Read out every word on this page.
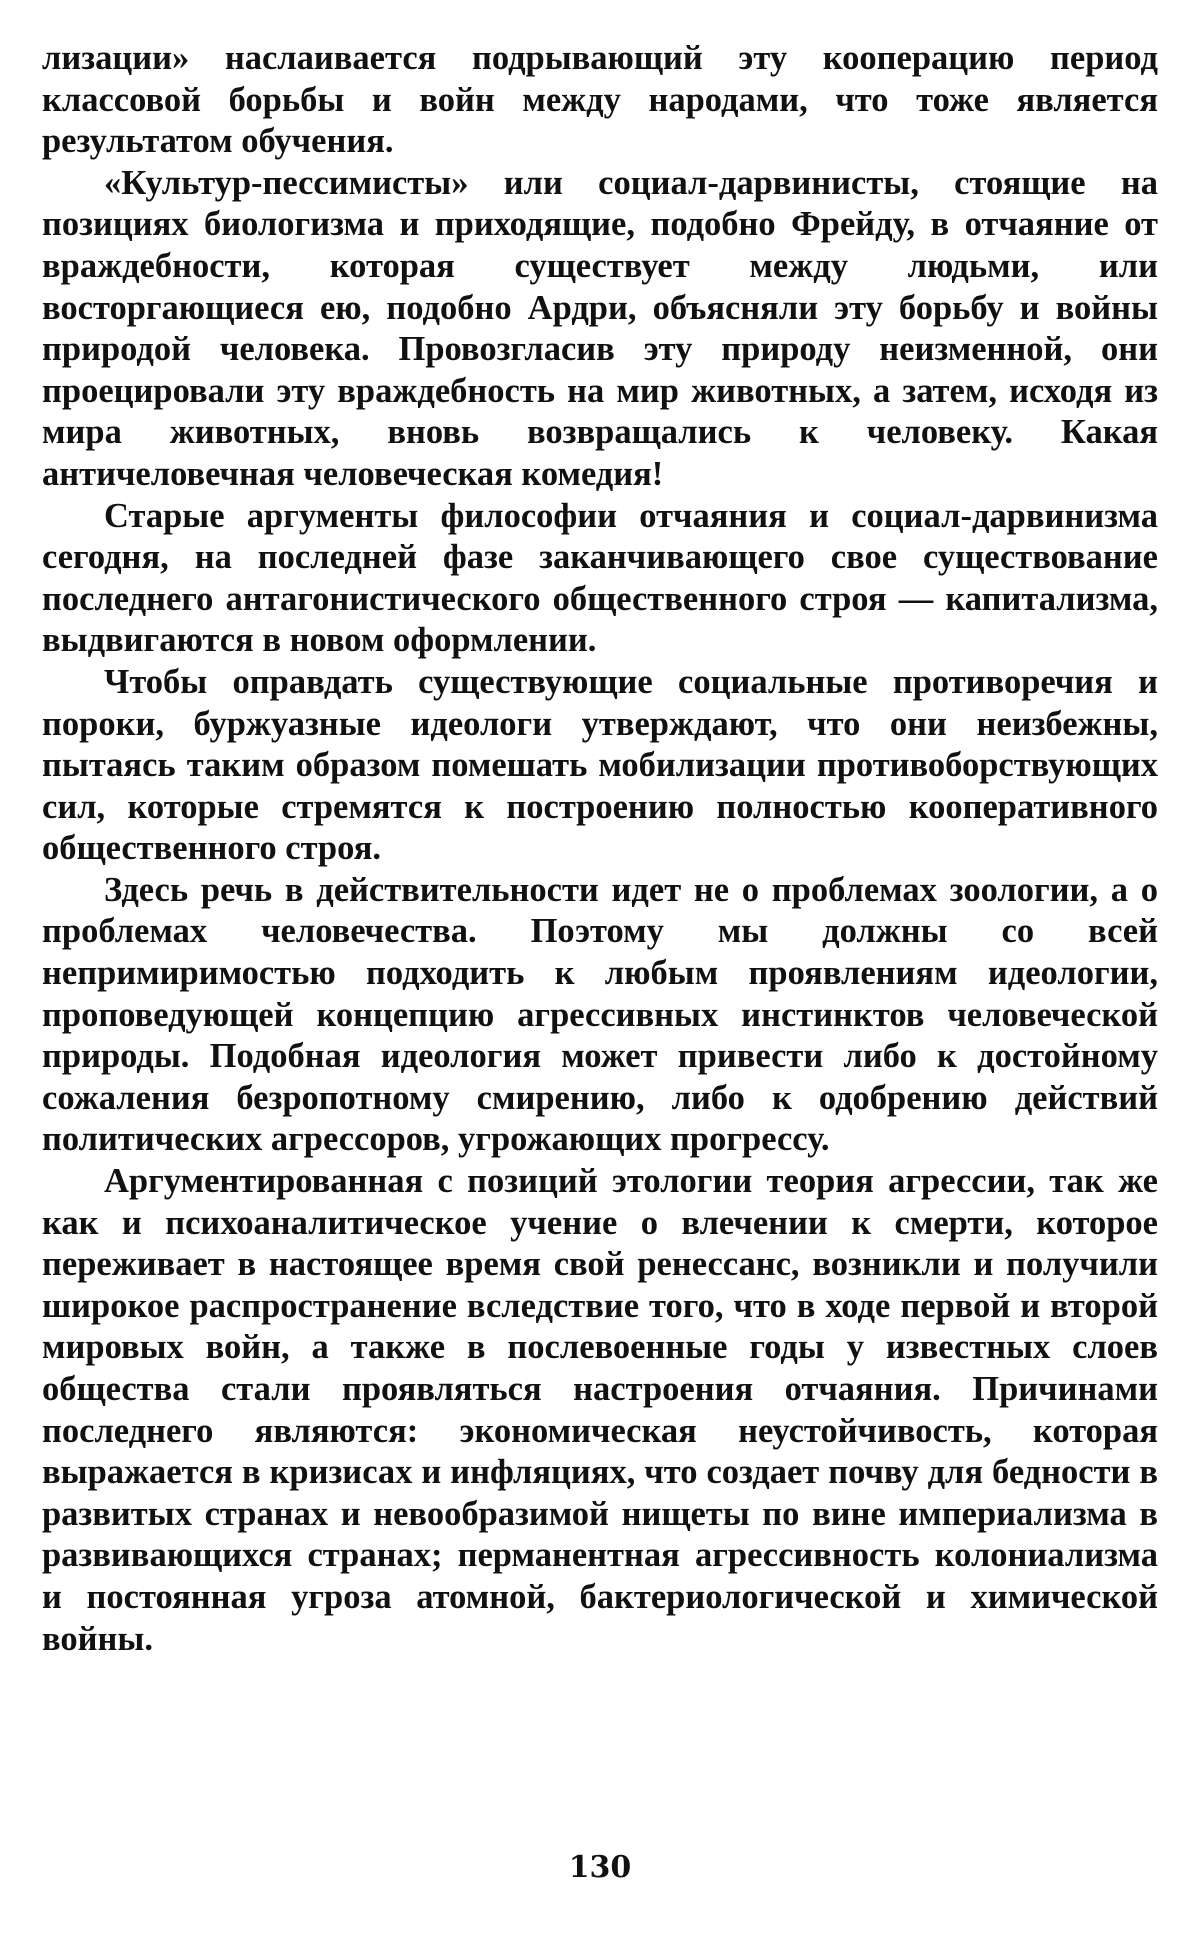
лизации» наслаивается подрывающий эту кооперацию период классовой борьбы и войн между народами, что тоже является результатом обучения.

«Культур-пессимисты» или социал-дарвинисты, стоящие на позициях биологизма и приходящие, подобно Фрейду, в отчаяние от враждебности, которая существует между людьми, или восторгающиеся ею, подобно Ардри, объясняли эту борьбу и войны природой человека. Провозгласив эту природу неизменной, они проецировали эту враждебность на мир животных, а затем, исходя из мира животных, вновь возвращались к человеку. Какая античеловечная человеческая комедия!

Старые аргументы философии отчаяния и социал-дарвинизма сегодня, на последней фазе заканчивающего свое существование последнего антагонистического общественного строя — капитализма, выдвигаются в новом оформлении.

Чтобы оправдать существующие социальные противоречия и пороки, буржуазные идеологи утверждают, что они неизбежны, пытаясь таким образом помешать мобилизации противоборствующих сил, которые стремятся к построению полностью кооперативного общественного строя.

Здесь речь в действительности идет не о проблемах зоологии, а о проблемах человечества. Поэтому мы должны со всей непримиримостью подходить к любым проявлениям идеологии, проповедующей концепцию агрессивных инстинктов человеческой природы. Подобная идеология может привести либо к достойному сожаления безропотному смирению, либо к одобрению действий политических агрессоров, угрожающих прогрессу.

Аргументированная с позиций этологии теория агрессии, так же как и психоаналитическое учение о влечении к смерти, которое переживает в настоящее время свой ренессанс, возникли и получили широкое распространение вследствие того, что в ходе первой и второй мировых войн, а также в послевоенные годы у известных слоев общества стали проявляться настроения отчаяния. Причинами последнего являются: экономическая неустойчивость, которая выражается в кризисах и инфляциях, что создает почву для бедности в развитых странах и невообразимой нищеты по вине империализма в развивающихся странах; перманентная агрессивность колониализма и постоянная угроза атомной, бактериологической и химической войны.

130
